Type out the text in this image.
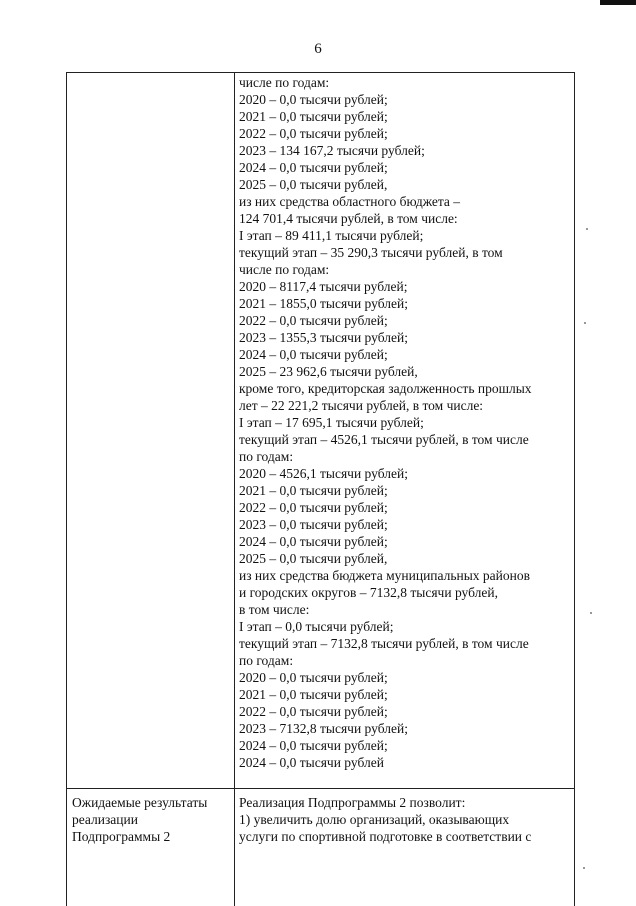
6
числе по годам:
2020 – 0,0 тысячи рублей;
2021 – 0,0 тысячи рублей;
2022 – 0,0 тысячи рублей;
2023 – 134 167,2 тысячи рублей;
2024 – 0,0 тысячи рублей;
2025 – 0,0 тысячи рублей,
из них средства областного бюджета –
124 701,4 тысячи рублей, в том числе:
I этап – 89 411,1 тысячи рублей;
текущий этап – 35 290,3 тысячи рублей, в том
числе по годам:
2020 – 8117,4 тысячи рублей;
2021 – 1855,0 тысячи рублей;
2022 – 0,0 тысячи рублей;
2023 – 1355,3 тысячи рублей;
2024 – 0,0 тысячи рублей;
2025 – 23 962,6 тысячи рублей,
кроме того, кредиторская задолженность прошлых
лет – 22 221,2 тысячи рублей, в том числе:
I этап – 17 695,1 тысячи рублей;
текущий этап – 4526,1 тысячи рублей, в том числе
по годам:
2020 – 4526,1 тысячи рублей;
2021 – 0,0 тысячи рублей;
2022 – 0,0 тысячи рублей;
2023 – 0,0 тысячи рублей;
2024 – 0,0 тысячи рублей;
2025 – 0,0 тысячи рублей,
из них средства бюджета муниципальных районов
и городских округов – 7132,8 тысячи рублей,
в том числе:
I этап – 0,0 тысячи рублей;
текущий этап – 7132,8 тысячи рублей, в том числе
по годам:
2020 – 0,0 тысячи рублей;
2021 – 0,0 тысячи рублей;
2022 – 0,0 тысячи рублей;
2023 – 7132,8 тысячи рублей;
2024 – 0,0 тысячи рублей;
2024 – 0,0 тысячи рублей
Ожидаемые результаты
реализации
Подпрограммы 2
Реализация Подпрограммы 2 позволит:
1) увеличить долю организаций, оказывающих
услуги по спортивной подготовке в соответствии с
